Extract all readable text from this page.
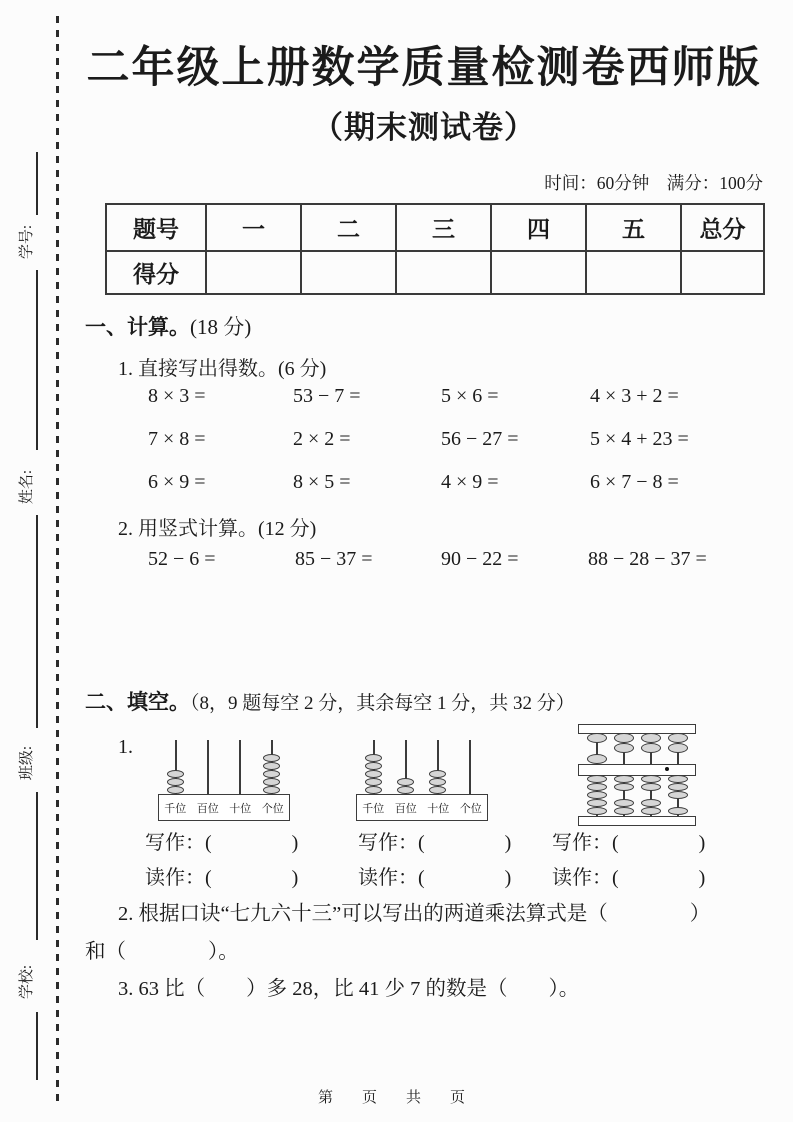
学号:
姓名:
班级:
学校:
二年级上册数学质量检测卷西师版
（期末测试卷）
时间：60分钟　满分：100分
题号	一	二	三	四	五	总分
得分						
一、计算。(18 分)
1. 直接写出得数。(6 分)
8 × 3 =	53 − 7 =	5 × 6 =	4 × 3 + 2 =
7 × 8 =	2 × 2 =	56 − 27 =	5 × 4 + 23 =
6 × 9 =	8 × 5 =	4 × 9 =	6 × 7 − 8 =
2. 用竖式计算。(12 分)
52 − 6 =	85 − 37 =	90 − 22 =	88 − 28 − 37 =
二、填空。（8，9 题每空 2 分，其余每空 1 分，共 32 分）
1.
千位 百位 十位 个位	千位 百位 十位 个位
写作：(　　　　)	写作：(　　　　) 写作：(　　　　)
读作：(　　　　)	读作：(　　　　) 读作：(　　　　)
2. 根据口诀“七九六十三”可以写出的两道乘法算式是（　　　　）
和（　　　　）。
3. 63 比（　　）多 28，比 41 少 7 的数是（　　）。
第　页　共　页
